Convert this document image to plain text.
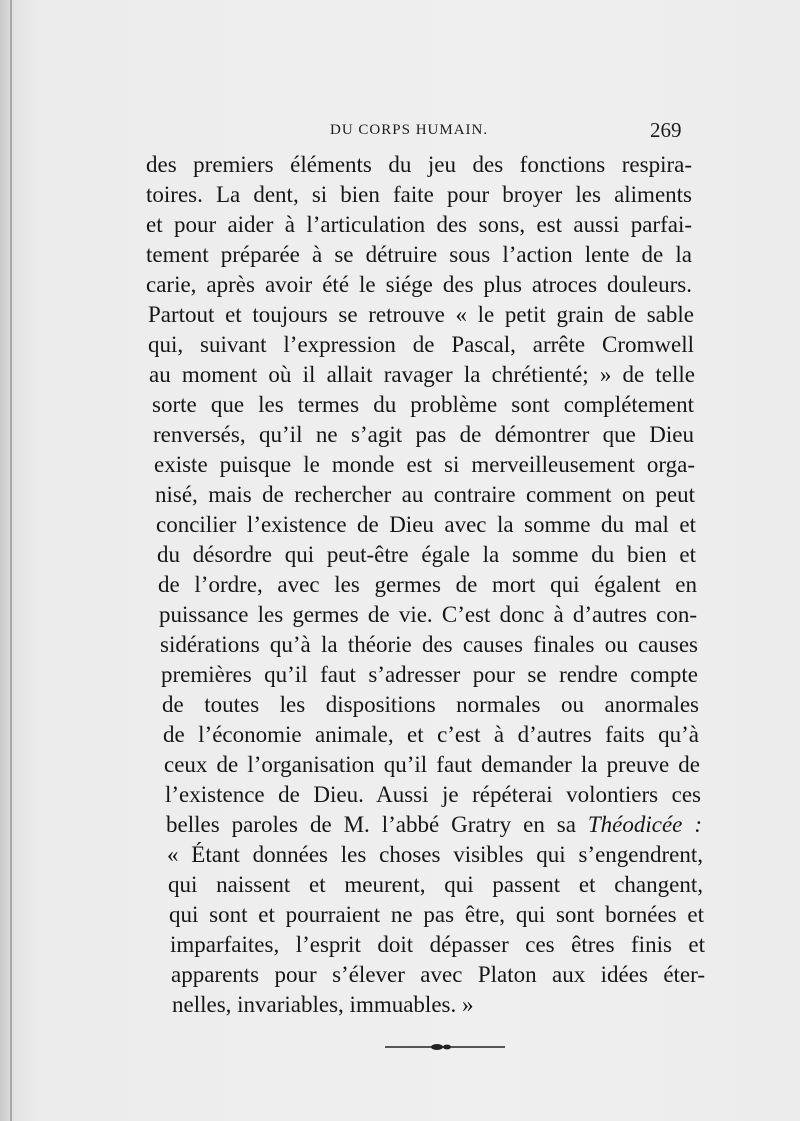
DU CORPS HUMAIN.	269
des premiers éléments du jeu des fonctions respira-
toires. La dent, si bien faite pour broyer les aliments
et pour aider à l’articulation des sons, est aussi parfai-
tement préparée à se détruire sous l’action lente de la
carie, après avoir été le siége des plus atroces douleurs.
Partout et toujours se retrouve « le petit grain de sable
qui, suivant l’expression de Pascal, arrête Cromwell
au moment où il allait ravager la chrétienté; » de telle
sorte que les termes du problème sont complétement
renversés, qu’il ne s’agit pas de démontrer que Dieu
existe puisque le monde est si merveilleusement orga-
nisé, mais de rechercher au contraire comment on peut
concilier l’existence de Dieu avec la somme du mal et
du désordre qui peut-être égale la somme du bien et
de l’ordre, avec les germes de mort qui égalent en
puissance les germes de vie. C’est donc à d’autres con-
sidérations qu’à la théorie des causes finales ou causes
premières qu’il faut s’adresser pour se rendre compte
de toutes les dispositions normales ou anormales
de l’économie animale, et c’est à d’autres faits qu’à
ceux de l’organisation qu’il faut demander la preuve de
l’existence de Dieu. Aussi je répéterai volontiers ces
belles paroles de M. l’abbé Gratry en sa Théodicée :
« Étant données les choses visibles qui s’engendrent,
qui naissent et meurent, qui passent et changent,
qui sont et pourraient ne pas être, qui sont bornées et
imparfaites, l’esprit doit dépasser ces êtres finis et
apparents pour s’élever avec Platon aux idées éter-
nelles, invariables, immuables. »
